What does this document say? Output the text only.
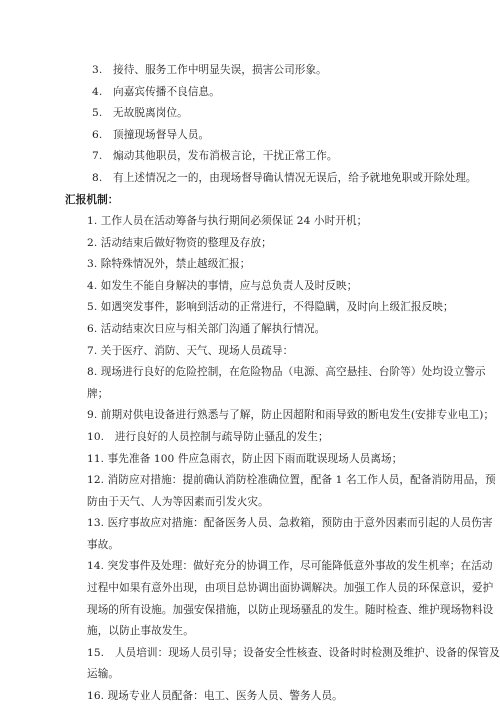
3.　接待、服务工作中明显失误，损害公司形象。
4.　向嘉宾传播不良信息。
5.　无故脱离岗位。
6.　顶撞现场督导人员。
7.　煽动其他职员，发布消极言论，干扰正常工作。
8.　有上述情况之一的，由现场督导确认情况无误后，给予就地免职或开除处理。
汇报机制：
1. 工作人员在活动筹备与执行期间必须保证 24 小时开机；
2. 活动结束后做好物资的整理及存放；
3. 除特殊情况外，禁止越级汇报；
4. 如发生不能自身解决的事情，应与总负责人及时反映；
5. 如遇突发事件，影响到活动的正常进行，不得隐瞒，及时向上级汇报反映；
6. 活动结束次日应与相关部门沟通了解执行情况。
7. 关于医疗、消防、天气、现场人员疏导：
8. 现场进行良好的危险控制，在危险物品（电源、高空悬挂、台阶等）处均设立警示
牌；
9. 前期对供电设备进行熟悉与了解，防止因超附和雨导致的断电发生(安排专业电工)；
10.　进行良好的人员控制与疏导防止骚乱的发生；
11. 事先准备 100 件应急雨衣，防止因下雨而耽误现场人员离场；
12. 消防应对措施：提前确认消防栓准确位置，配备 1 名工作人员，配备消防用品，预
防由于天气、人为等因素而引发火灾。
13. 医疗事故应对措施：配备医务人员、急救箱，预防由于意外因素而引起的人员伤害
事故。
14. 突发事件及处理：做好充分的协调工作，尽可能降低意外事故的发生机率；在活动
过程中如果有意外出现，由项目总协调出面协调解决。加强工作人员的环保意识，爱护
现场的所有设施。加强安保措施，以防止现场骚乱的发生。随时检查、维护现场物料设
施，以防止事故发生。
15.　人员培训：现场人员引导；设备安全性核查、设备时时检测及维护、设备的保管及
运输。
16. 现场专业人员配备：电工、医务人员、警务人员。
